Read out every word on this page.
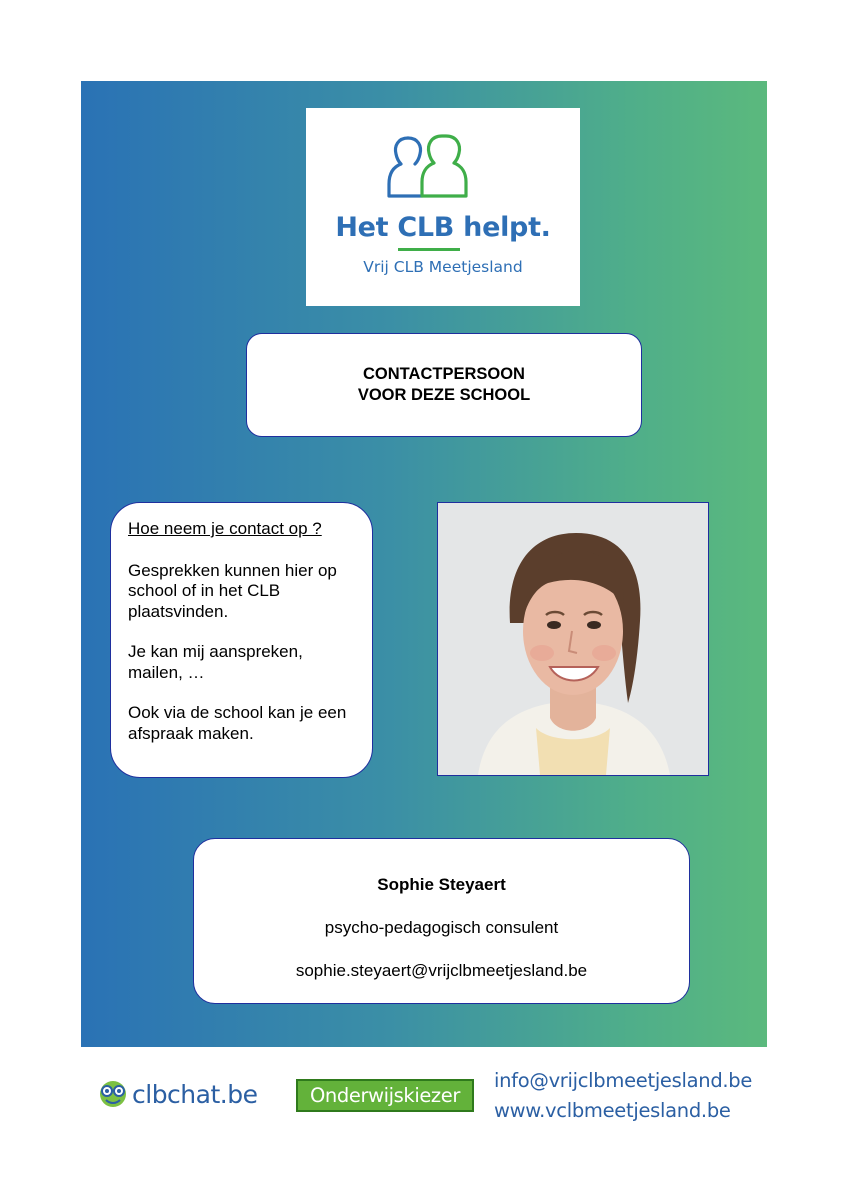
Het CLB helpt.
Vrij CLB Meetjesland
CONTACTPERSOON
VOOR DEZE SCHOOL

Hoe neem je contact op ?

Gesprekken kunnen hier op school of in het CLB plaatsvinden.

Je kan mij aanspreken, mailen, …

Ook via de school kan je een afspraak maken.

Sophie Steyaert
psycho-pedagogisch consulent
sophie.steyaert@vrijclbmeetjesland.be
clbchat.be	Onderwijskiezer
info@vrijclbmeetjesland.be
www.vclbmeetjesland.be
